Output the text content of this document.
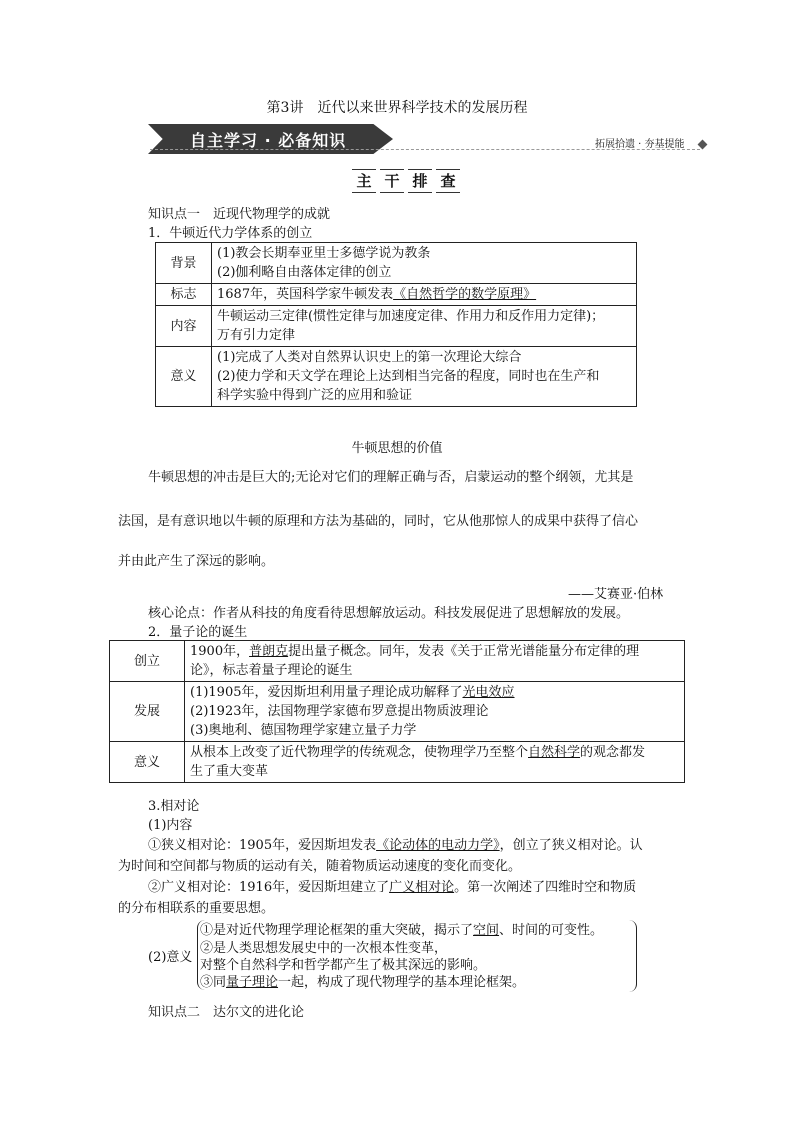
第3讲　近代以来世界科学技术的发展历程
自主学习 · 必备知识	拓展拾遗 · 夯基提能
主 干 排 查
知识点一　近现代物理学的成就
1．牛顿近代力学体系的创立
背景	(1)教会长期奉亚里士多德学说为教条
(2)伽利略自由落体定律的创立

标志	1687年，英国科学家牛顿发表《自然哲学的数学原理》
内容	牛顿运动三定律(惯性定律与加速度定律、作用力和反作用力定律)；
万有引力定律

意义	(1)完成了人类对自然界认识史上的第一次理论大综合
(2)使力学和天文学在理论上达到相当完备的程度，同时也在生产和
科学实验中得到广泛的应用和验证
牛顿思想的价值
牛顿思想的冲击是巨大的;无论对它们的理解正确与否，启蒙运动的整个纲领，尤其是
法国，是有意识地以牛顿的原理和方法为基础的，同时，它从他那惊人的成果中获得了信心
并由此产生了深远的影响。
——艾赛亚·伯林
核心论点：作者从科技的角度看待思想解放运动。科技发展促进了思想解放的发展。
2．量子论的诞生
创立	1900年，普朗克提出量子概念。同年，发表《关于正常光谱能量分布定律的理
论》，标志着量子理论的诞生

发展	(1)1905年，爱因斯坦利用量子理论成功解释了光电效应
(2)1923年，法国物理学家德布罗意提出物质波理论
(3)奥地利、德国物理学家建立量子力学

意义	从根本上改变了近代物理学的传统观念，使物理学乃至整个自然科学的观念都发
生了重大变革
3.相对论
(1)内容
①狭义相对论：1905年，爱因斯坦发表《论动体的电动力学》，创立了狭义相对论。认
为时间和空间都与物质的运动有关，随着物质运动速度的变化而变化。
②广义相对论：1916年，爱因斯坦建立了广义相对论。第一次阐述了四维时空和物质
的分布相联系的重要思想。
(2)意义
①是对近代物理学理论框架的重大突破，揭示了空间、时间的可变性。
②是人类思想发展史中的一次根本性变革，
对整个自然科学和哲学都产生了极其深远的影响。
③同量子理论一起，构成了现代物理学的基本理论框架。
知识点二　达尔文的进化论
